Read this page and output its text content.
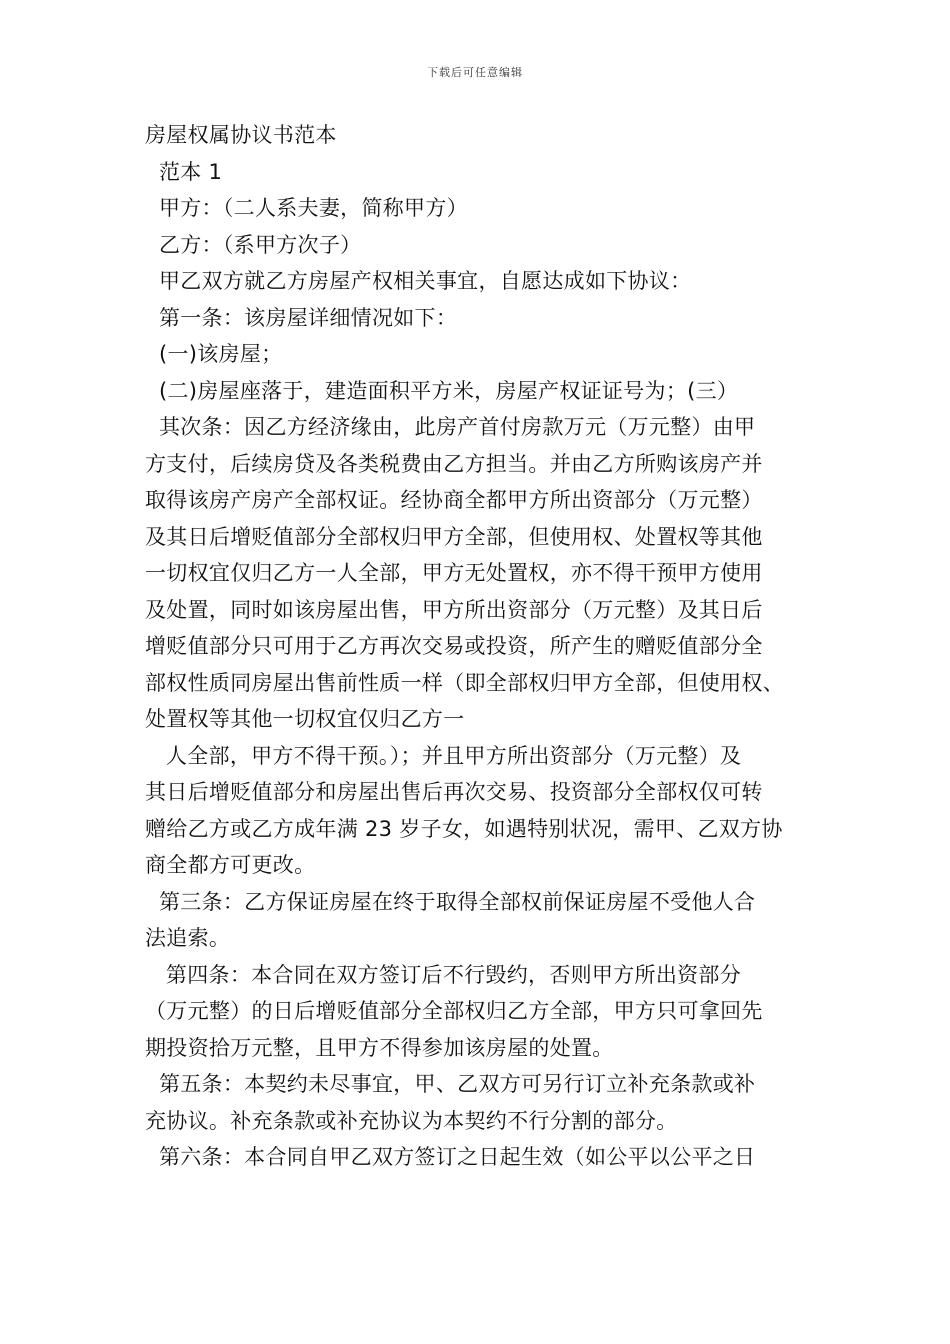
下载后可任意编辑

房屋权属协议书范本

范本 1

甲方：（二人系夫妻，简称甲方）

乙方：（系甲方次子）

甲乙双方就乙方房屋产权相关事宜，自愿达成如下协议：

第一条：该房屋详细情况如下：

(一)该房屋；

(二)房屋座落于，建造面积平方米，房屋产权证证号为；(三）

其次条：因乙方经济缘由，此房产首付房款万元（万元整）由甲

方支付，后续房贷及各类税费由乙方担当。并由乙方所购该房产并

取得该房产房产全部权证。经协商全都甲方所出资部分（万元整）

及其日后增贬值部分全部权归甲方全部，但使用权、处置权等其他

一切权宜仅归乙方一人全部，甲方无处置权，亦不得干预甲方使用

及处置，同时如该房屋出售，甲方所出资部分（万元整）及其日后

增贬值部分只可用于乙方再次交易或投资，所产生的赠贬值部分全

部权性质同房屋出售前性质一样（即全部权归甲方全部，但使用权、

处置权等其他一切权宜仅归乙方一

人全部，甲方不得干预。）；并且甲方所出资部分（万元整）及

其日后增贬值部分和房屋出售后再次交易、投资部分全部权仅可转

赠给乙方或乙方成年满 23 岁子女，如遇特别状况，需甲、乙双方协

商全都方可更改。

第三条：乙方保证房屋在终于取得全部权前保证房屋不受他人合

法追索。

第四条：本合同在双方签订后不行毁约，否则甲方所出资部分

（万元整）的日后增贬值部分全部权归乙方全部，甲方只可拿回先

期投资拾万元整，且甲方不得参加该房屋的处置。

第五条：本契约未尽事宜，甲、乙双方可另行订立补充条款或补

充协议。补充条款或补充协议为本契约不行分割的部分。

第六条：本合同自甲乙双方签订之日起生效（如公平以公平之日
